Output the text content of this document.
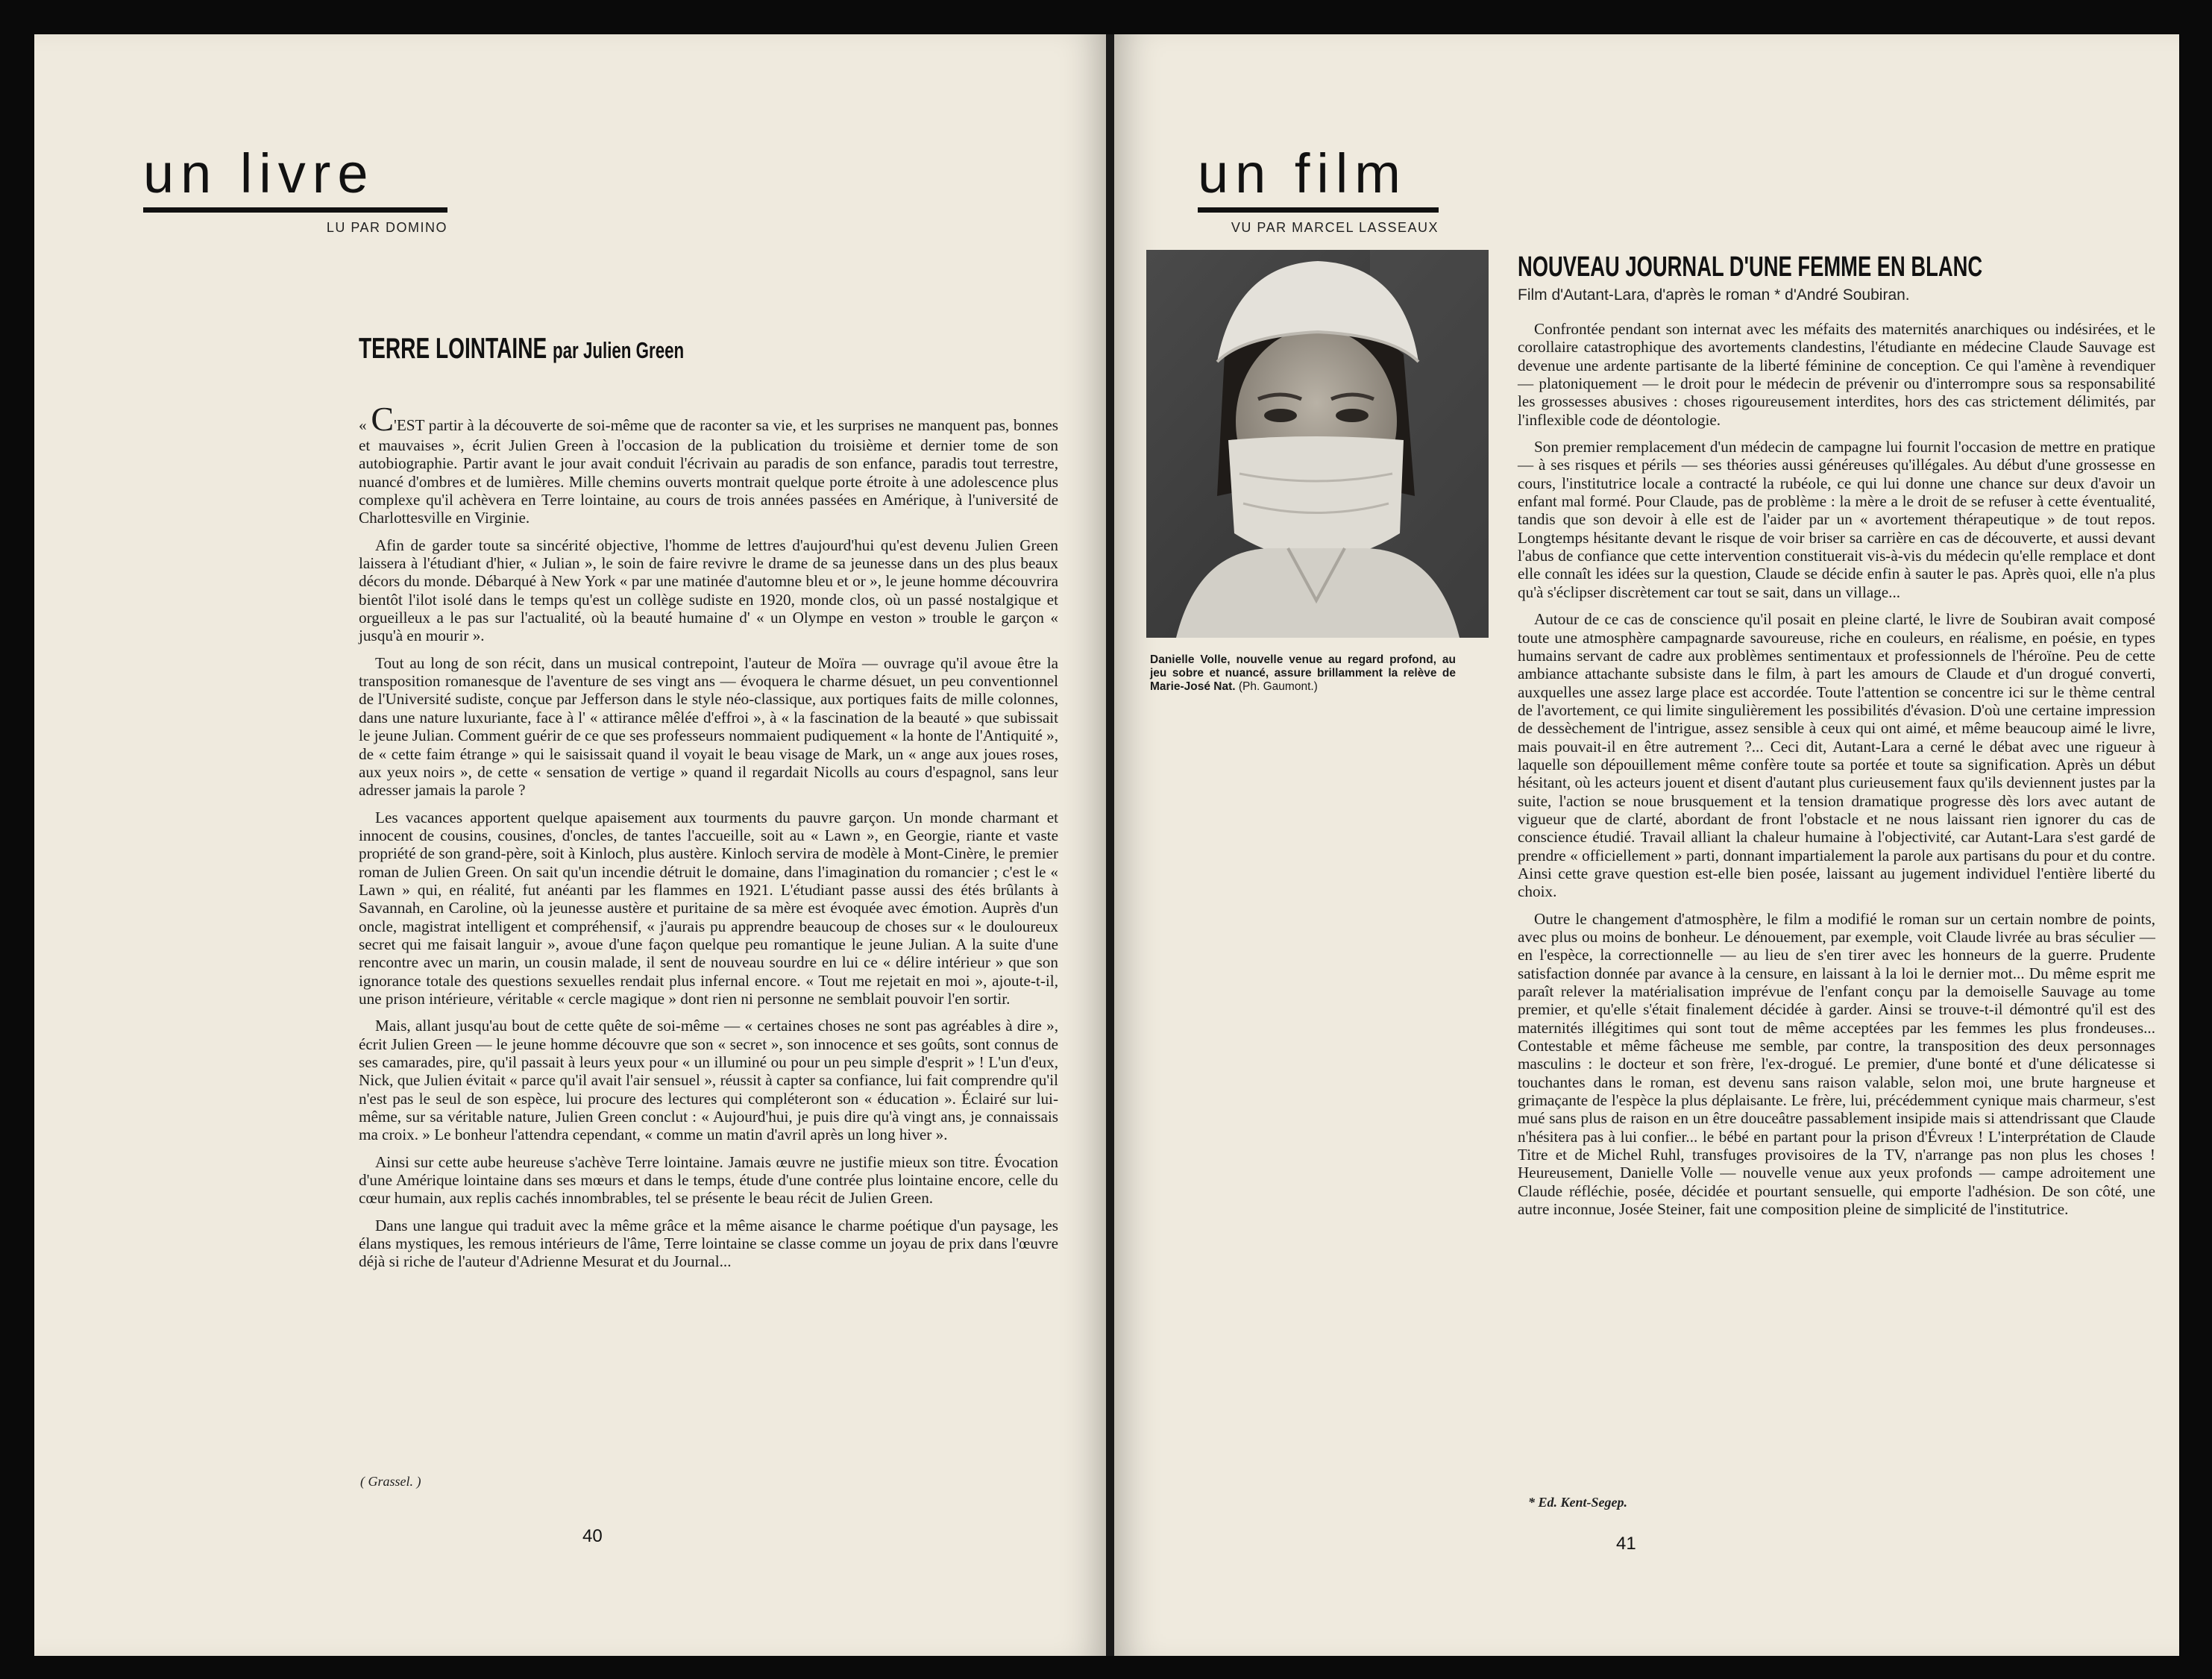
un livre
LU PAR DOMINO
TERRE LOINTAINE par Julien Green

« C'EST partir à la découverte de soi-même que de raconter sa vie, et les surprises ne manquent pas, bonnes et mauvaises », écrit Julien Green à l'occasion de la publication du troisième et dernier tome de son autobiographie. Partir avant le jour avait conduit l'écrivain au paradis de son enfance, paradis tout terrestre, nuancé d'ombres et de lumières. Mille chemins ouverts montrait quelque porte étroite à une adolescence plus complexe qu'il achèvera en Terre lointaine, au cours de trois années passées en Amérique, à l'université de Charlottesville en Virginie.

Afin de garder toute sa sincérité objective, l'homme de lettres d'aujourd'hui qu'est devenu Julien Green laissera à l'étudiant d'hier, « Julian », le soin de faire revivre le drame de sa jeunesse dans un des plus beaux décors du monde. Débarqué à New York « par une matinée d'automne bleu et or », le jeune homme découvrira bientôt l'ilot isolé dans le temps qu'est un collège sudiste en 1920, monde clos, où un passé nostalgique et orgueilleux a le pas sur l'actualité, où la beauté humaine d' « un Olympe en veston » trouble le garçon « jusqu'à en mourir ».

Tout au long de son récit, dans un musical contrepoint, l'auteur de Moïra — ouvrage qu'il avoue être la transposition romanesque de l'aventure de ses vingt ans — évoquera le charme désuet, un peu conventionnel de l'Université sudiste, conçue par Jefferson dans le style néo-classique, aux portiques faits de mille colonnes, dans une nature luxuriante, face à l' « attirance mêlée d'effroi », à « la fascination de la beauté » que subissait le jeune Julian. Comment guérir de ce que ses professeurs nommaient pudiquement « la honte de l'Antiquité », de « cette faim étrange » qui le saisissait quand il voyait le beau visage de Mark, un « ange aux joues roses, aux yeux noirs », de cette « sensation de vertige » quand il regardait Nicolls au cours d'espagnol, sans leur adresser jamais la parole ?

Les vacances apportent quelque apaisement aux tourments du pauvre garçon. Un monde charmant et innocent de cousins, cousines, d'oncles, de tantes l'accueille, soit au « Lawn », en Georgie, riante et vaste propriété de son grand-père, soit à Kinloch, plus austère. Kinloch servira de modèle à Mont-Cinère, le premier roman de Julien Green. On sait qu'un incendie détruit le domaine, dans l'imagination du romancier ; c'est le « Lawn » qui, en réalité, fut anéanti par les flammes en 1921. L'étudiant passe aussi des étés brûlants à Savannah, en Caroline, où la jeunesse austère et puritaine de sa mère est évoquée avec émotion. Auprès d'un oncle, magistrat intelligent et compréhensif, « j'aurais pu apprendre beaucoup de choses sur « le douloureux secret qui me faisait languir », avoue d'une façon quelque peu romantique le jeune Julian. A la suite d'une rencontre avec un marin, un cousin malade, il sent de nouveau sourdre en lui ce « délire intérieur » que son ignorance totale des questions sexuelles rendait plus infernal encore. « Tout me rejetait en moi », ajoute-t-il, une prison intérieure, véritable « cercle magique » dont rien ni personne ne semblait pouvoir l'en sortir.

Mais, allant jusqu'au bout de cette quête de soi-même — « certaines choses ne sont pas agréables à dire », écrit Julien Green — le jeune homme découvre que son « secret », son innocence et ses goûts, sont connus de ses camarades, pire, qu'il passait à leurs yeux pour « un illuminé ou pour un peu simple d'esprit » ! L'un d'eux, Nick, que Julien évitait « parce qu'il avait l'air sensuel », réussit à capter sa confiance, lui fait comprendre qu'il n'est pas le seul de son espèce, lui procure des lectures qui compléteront son « éducation ». Éclairé sur lui-même, sur sa véritable nature, Julien Green conclut : « Aujourd'hui, je puis dire qu'à vingt ans, je connaissais ma croix. » Le bonheur l'attendra cependant, « comme un matin d'avril après un long hiver ».

Ainsi sur cette aube heureuse s'achève Terre lointaine. Jamais œuvre ne justifie mieux son titre. Évocation d'une Amérique lointaine dans ses mœurs et dans le temps, étude d'une contrée plus lointaine encore, celle du cœur humain, aux replis cachés innombrables, tel se présente le beau récit de Julien Green.

Dans une langue qui traduit avec la même grâce et la même aisance le charme poétique d'un paysage, les élans mystiques, les remous intérieurs de l'âme, Terre lointaine se classe comme un joyau de prix dans l'œuvre déjà si riche de l'auteur d'Adrienne Mesurat et du Journal...

( Grassel. )
40
un film
VU PAR MARCEL LASSEAUX
Danielle Volle, nouvelle venue au regard profond, au jeu sobre et nuancé, assure brillamment la relève de Marie-José Nat. (Ph. Gaumont.)
NOUVEAU JOURNAL D'UNE FEMME EN BLANC
Film d'Autant-Lara, d'après le roman * d'André Soubiran.

Confrontée pendant son internat avec les méfaits des maternités anarchiques ou indésirées, et le corollaire catastrophique des avortements clandestins, l'étudiante en médecine Claude Sauvage est devenue une ardente partisante de la liberté féminine de conception. Ce qui l'amène à revendiquer — platoniquement — le droit pour le médecin de prévenir ou d'interrompre sous sa responsabilité les grossesses abusives : choses rigoureusement interdites, hors des cas strictement délimités, par l'inflexible code de déontologie.

Son premier remplacement d'un médecin de campagne lui fournit l'occasion de mettre en pratique — à ses risques et périls — ses théories aussi généreuses qu'illégales. Au début d'une grossesse en cours, l'institutrice locale a contracté la rubéole, ce qui lui donne une chance sur deux d'avoir un enfant mal formé. Pour Claude, pas de problème : la mère a le droit de se refuser à cette éventualité, tandis que son devoir à elle est de l'aider par un « avortement thérapeutique » de tout repos. Longtemps hésitante devant le risque de voir briser sa carrière en cas de découverte, et aussi devant l'abus de confiance que cette intervention constituerait vis-à-vis du médecin qu'elle remplace et dont elle connaît les idées sur la question, Claude se décide enfin à sauter le pas. Après quoi, elle n'a plus qu'à s'éclipser discrètement car tout se sait, dans un village...

Autour de ce cas de conscience qu'il posait en pleine clarté, le livre de Soubiran avait composé toute une atmosphère campagnarde savoureuse, riche en couleurs, en réalisme, en poésie, en types humains servant de cadre aux problèmes sentimentaux et professionnels de l'héroïne. Peu de cette ambiance attachante subsiste dans le film, à part les amours de Claude et d'un drogué converti, auxquelles une assez large place est accordée. Toute l'attention se concentre ici sur le thème central de l'avortement, ce qui limite singulièrement les possibilités d'évasion. D'où une certaine impression de dessèchement de l'intrigue, assez sensible à ceux qui ont aimé, et même beaucoup aimé le livre, mais pouvait-il en être autrement ?... Ceci dit, Autant-Lara a cerné le débat avec une rigueur à laquelle son dépouillement même confère toute sa portée et toute sa signification. Après un début hésitant, où les acteurs jouent et disent d'autant plus curieusement faux qu'ils deviennent justes par la suite, l'action se noue brusquement et la tension dramatique progresse dès lors avec autant de vigueur que de clarté, abordant de front l'obstacle et ne nous laissant rien ignorer du cas de conscience étudié. Travail alliant la chaleur humaine à l'objectivité, car Autant-Lara s'est gardé de prendre « officiellement » parti, donnant impartialement la parole aux partisans du pour et du contre. Ainsi cette grave question est-elle bien posée, laissant au jugement individuel l'entière liberté du choix.

Outre le changement d'atmosphère, le film a modifié le roman sur un certain nombre de points, avec plus ou moins de bonheur. Le dénouement, par exemple, voit Claude livrée au bras séculier — en l'espèce, la correctionnelle — au lieu de s'en tirer avec les honneurs de la guerre. Prudente satisfaction donnée par avance à la censure, en laissant à la loi le dernier mot... Du même esprit me paraît relever la matérialisation imprévue de l'enfant conçu par la demoiselle Sauvage au tome premier, et qu'elle s'était finalement décidée à garder. Ainsi se trouve-t-il démontré qu'il est des maternités illégitimes qui sont tout de même acceptées par les femmes les plus frondeuses... Contestable et même fâcheuse me semble, par contre, la transposition des deux personnages masculins : le docteur et son frère, l'ex-drogué. Le premier, d'une bonté et d'une délicatesse si touchantes dans le roman, est devenu sans raison valable, selon moi, une brute hargneuse et grimaçante de l'espèce la plus déplaisante. Le frère, lui, précédemment cynique mais charmeur, s'est mué sans plus de raison en un être douceâtre passablement insipide mais si attendrissant que Claude n'hésitera pas à lui confier... le bébé en partant pour la prison d'Évreux ! L'interprétation de Claude Titre et de Michel Ruhl, transfuges provisoires de la TV, n'arrange pas non plus les choses ! Heureusement, Danielle Volle — nouvelle venue aux yeux profonds — campe adroitement une Claude réfléchie, posée, décidée et pourtant sensuelle, qui emporte l'adhésion. De son côté, une autre inconnue, Josée Steiner, fait une composition pleine de simplicité de l'institutrice.

* Ed. Kent-Segep.
41
